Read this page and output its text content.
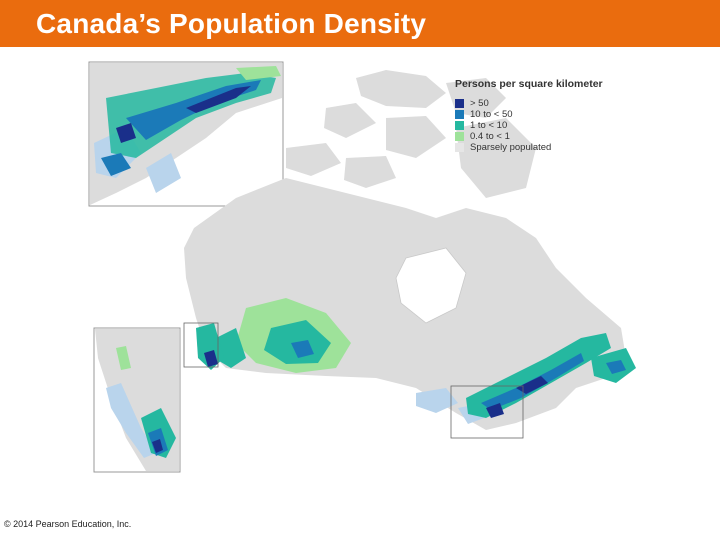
Canada’s Population Density
Persons per square kilometer
> 50
10 to < 50
1 to < 10
0.4 to < 1
Sparsely populated
© 2014 Pearson Education, Inc.
